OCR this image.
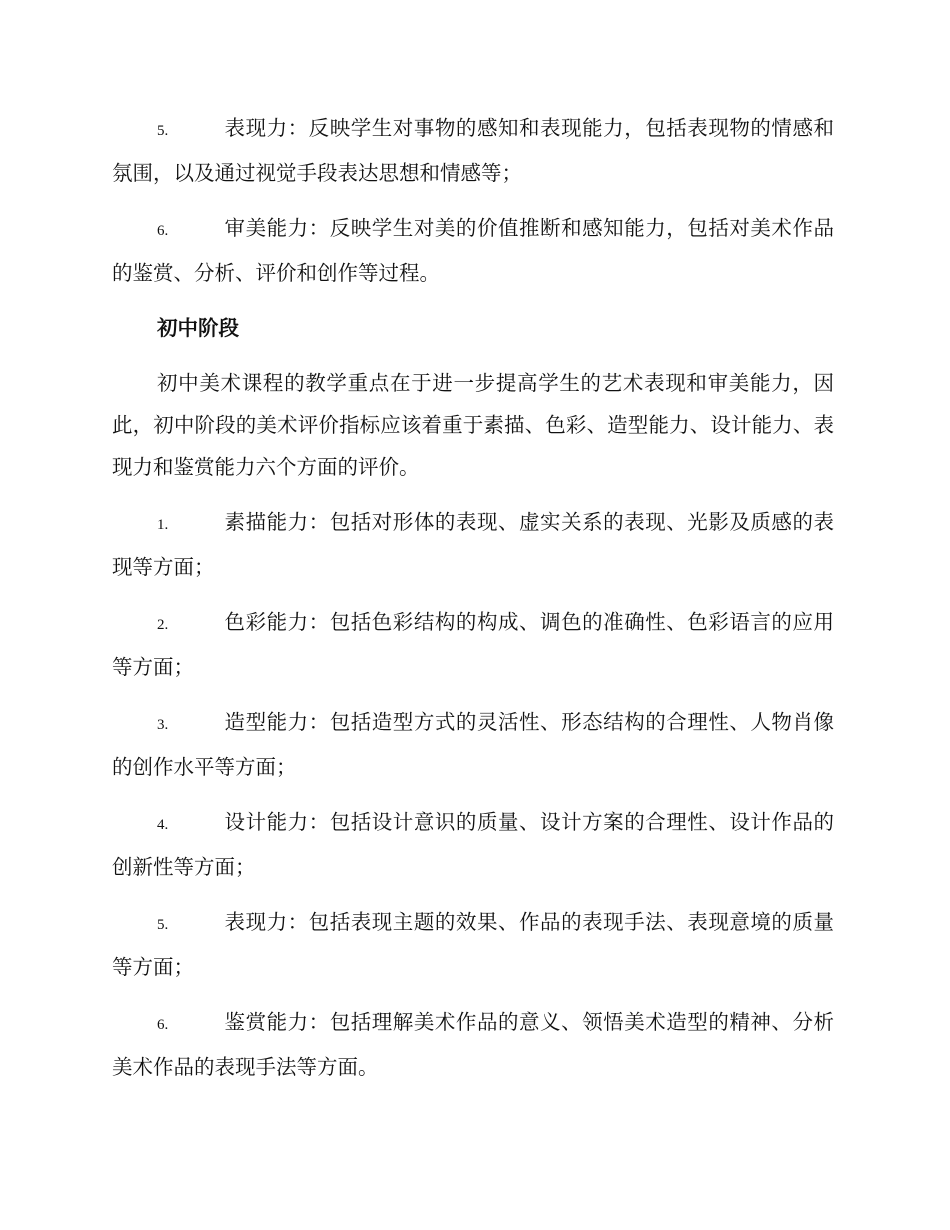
5.	表现力：反映学生对事物的感知和表现能力，包括表现物的情感和氛围，以及通过视觉手段表达思想和情感等；

6.	审美能力：反映学生对美的价值推断和感知能力，包括对美术作品的鉴赏、分析、评价和创作等过程。

初中阶段

初中美术课程的教学重点在于进一步提高学生的艺术表现和审美能力，因此，初中阶段的美术评价指标应该着重于素描、色彩、造型能力、设计能力、表现力和鉴赏能力六个方面的评价。

1.	素描能力：包括对形体的表现、虚实关系的表现、光影及质感的表现等方面；

2.	色彩能力：包括色彩结构的构成、调色的准确性、色彩语言的应用等方面；

3.	造型能力：包括造型方式的灵活性、形态结构的合理性、人物肖像的创作水平等方面；

4.	设计能力：包括设计意识的质量、设计方案的合理性、设计作品的创新性等方面；

5.	表现力：包括表现主题的效果、作品的表现手法、表现意境的质量等方面；

6.	鉴赏能力：包括理解美术作品的意义、领悟美术造型的精神、分析美术作品的表现手法等方面。
